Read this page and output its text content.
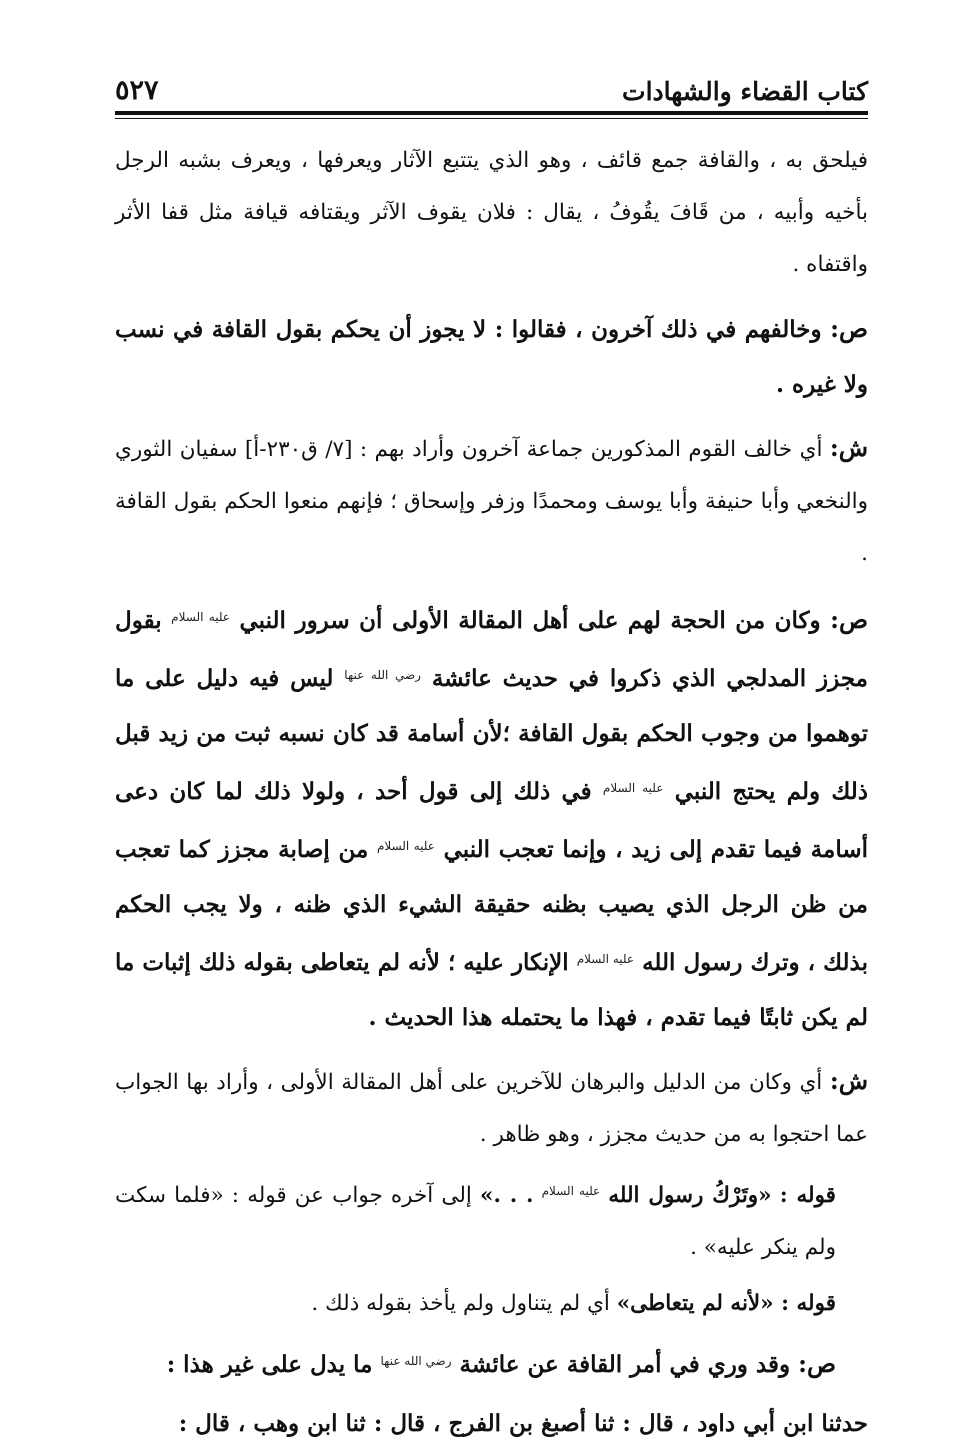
كتاب القضاء والشهادات
٥٢٧

فيلحق به ، والقافة جمع قائف ، وهو الذي يتتبع الآثار ويعرفها ، ويعرف بشبه الرجل بأخيه وأبيه ، من قَافَ يقُوفُ ، يقال : فلان يقوف الآثر ويقتافه قيافة مثل قفا الأثر واقتفاه .

ص: وخالفهم في ذلك آخرون ، فقالوا : لا يجوز أن يحكم بقول القافة في نسب ولا غيره .

ش: أي خالف القوم المذكورين جماعة آخرون وأراد بهم : [٧/ ق٢٣٠-أ] سفيان الثوري والنخعي وأبا حنيفة وأبا يوسف ومحمدًا وزفر وإسحاق ؛ فإنهم منعوا الحكم بقول القافة .

ص: وكان من الحجة لهم على أهل المقالة الأولى أن سرور النبي $^{عليه السلام}$ بقول مجزز المدلجي الذي ذكروا في حديث عائشة $^{رضي الله عنها}$ ليس فيه دليل على ما توهموا من وجوب الحكم بقول القافة ؛لأن أسامة قد كان نسبه ثبت من زيد قبل ذلك ولم يحتج النبي $^{عليه السلام}$ في ذلك إلى قول أحد ، ولولا ذلك لما كان دعى أسامة فيما تقدم إلى زيد ، وإنما تعجب النبي $^{عليه السلام}$ من إصابة مجزز كما تعجب من ظن الرجل الذي يصيب بظنه حقيقة الشيء الذي ظنه ، ولا يجب الحكم بذلك ، وترك رسول الله $^{عليه السلام}$ الإنكار عليه ؛ لأنه لم يتعاطى بقوله ذلك إثبات ما لم يكن ثابتًا فيما تقدم ، فهذا ما يحتمله هذا الحديث .

ش: أي وكان من الدليل والبرهان للآخرين على أهل المقالة الأولى ، وأراد بها الجواب عما احتجوا به من حديث مجزز ، وهو ظاهر .

قوله : «وتَرْكُ رسول الله $^{عليه السلام}$ . . .» إلى آخره جواب عن قوله : «فلما سكت ولم ينكر عليه» .

قوله : «لأنه لم يتعاطى» أي لم يتناول ولم يأخذ بقوله ذلك .

ص: وقد وري في أمر القافة عن عائشة $^{رضي الله عنها}$ ما يدل على غير هذا :

حدثنا ابن أبي داود ، قال : ثنا أصبغ بن الفرج ، قال : ثنا ابن وهب ، قال :
